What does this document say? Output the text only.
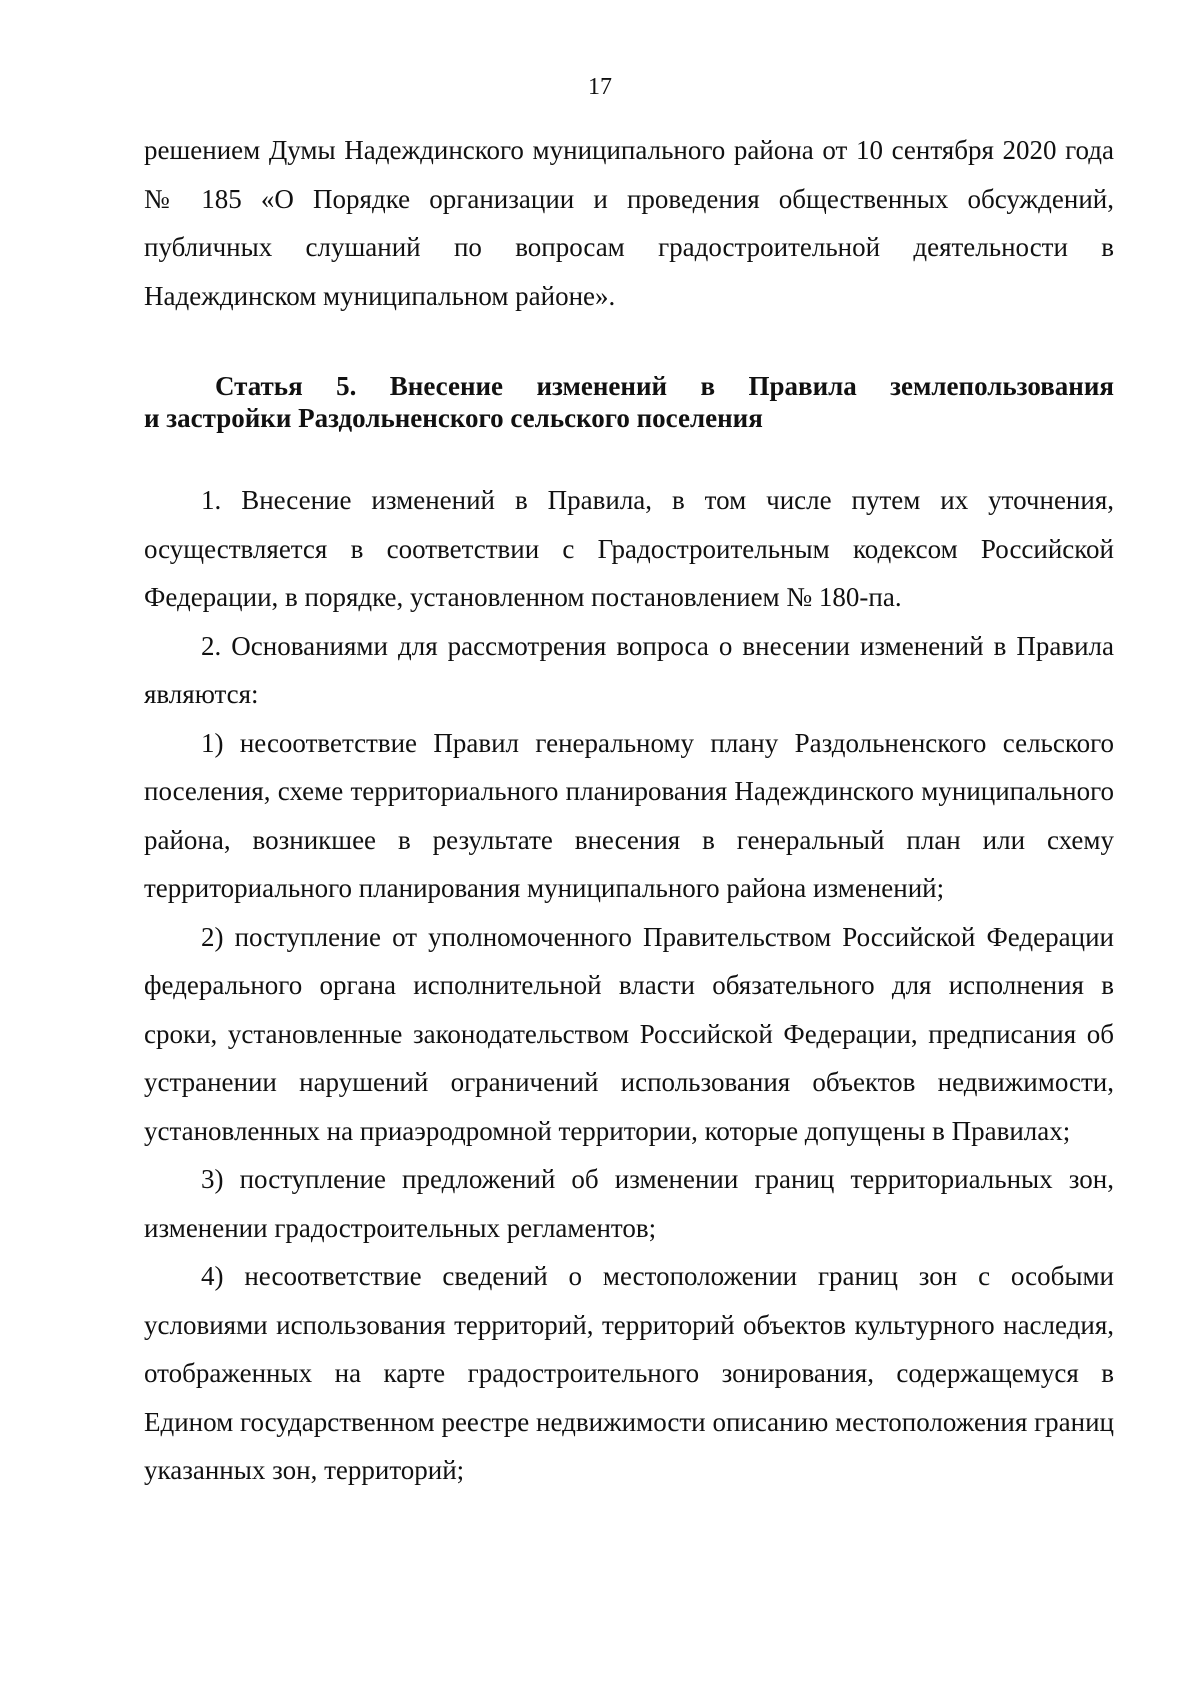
17

решением Думы Надеждинского муниципального района от 10 сентября 2020 года № 185 «О Порядке организации и проведения общественных обсуждений, публичных слушаний по вопросам градостроительной деятельности в Надеждинском муниципальном районе».

Статья 5. Внесение изменений в Правила землепользования
и застройки Раздольненского сельского поселения

1. Внесение изменений в Правила, в том числе путем их уточнения, осуществляется в соответствии с Градостроительным кодексом Российской Федерации, в порядке, установленном постановлением № 180-па.

2. Основаниями для рассмотрения вопроса о внесении изменений в Правила являются:

1) несоответствие Правил генеральному плану Раздольненского сельского поселения, схеме территориального планирования Надеждинского муниципального района, возникшее в результате внесения в генеральный план или схему территориального планирования муниципального района изменений;

2) поступление от уполномоченного Правительством Российской Федерации федерального органа исполнительной власти обязательного для исполнения в сроки, установленные законодательством Российской Федерации, предписания об устранении нарушений ограничений использования объектов недвижимости, установленных на приаэродромной территории, которые допущены в Правилах;

3) поступление предложений об изменении границ территориальных зон, изменении градостроительных регламентов;

4) несоответствие сведений о местоположении границ зон с особыми условиями использования территорий, территорий объектов культурного наследия, отображенных на карте градостроительного зонирования, содержащемуся в Едином государственном реестре недвижимости описанию местоположения границ указанных зон, территорий;
